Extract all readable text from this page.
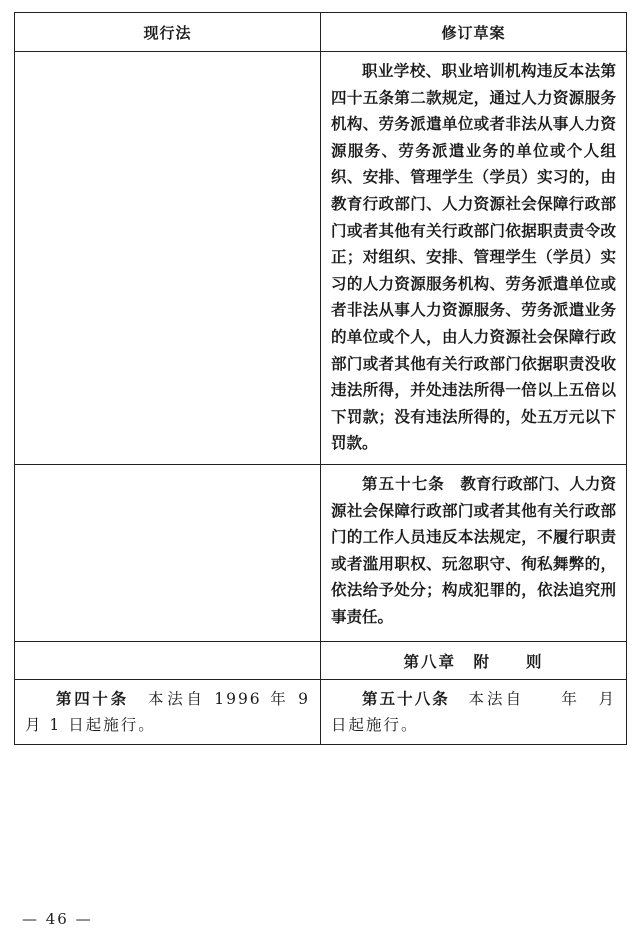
现行法	修订草案

	职业学校、职业培训机构违反本法第四十五条第二款规定，通过人力资源服务机构、劳务派遣单位或者非法从事人力资源服务、劳务派遣业务的单位或个人组织、安排、管理学生（学员）实习的，由教育行政部门、人力资源社会保障行政部门或者其他有关行政部门依据职责责令改正；对组织、安排、管理学生（学员）实习的人力资源服务机构、劳务派遣单位或者非法从事人力资源服务、劳务派遣业务的单位或个人，由人力资源社会保障行政部门或者其他有关行政部门依据职责没收违法所得，并处违法所得一倍以上五倍以下罚款；没有违法所得的，处五万元以下罚款。

	第五十七条　 教育行政部门、人力资源社会保障行政部门或者其他有关行政部门的工作人员违反本法规定，不履行职责或者滥用职权、玩忽职守、徇私舞弊的，依法给予处分；构成犯罪的，依法追究刑事责任。

	第八章　附　　则

第四十条　 本法自 1996 年 9 月 1 日起施行。	第五十八条　 本法自　　年　月　日起施行。
— 46 —
